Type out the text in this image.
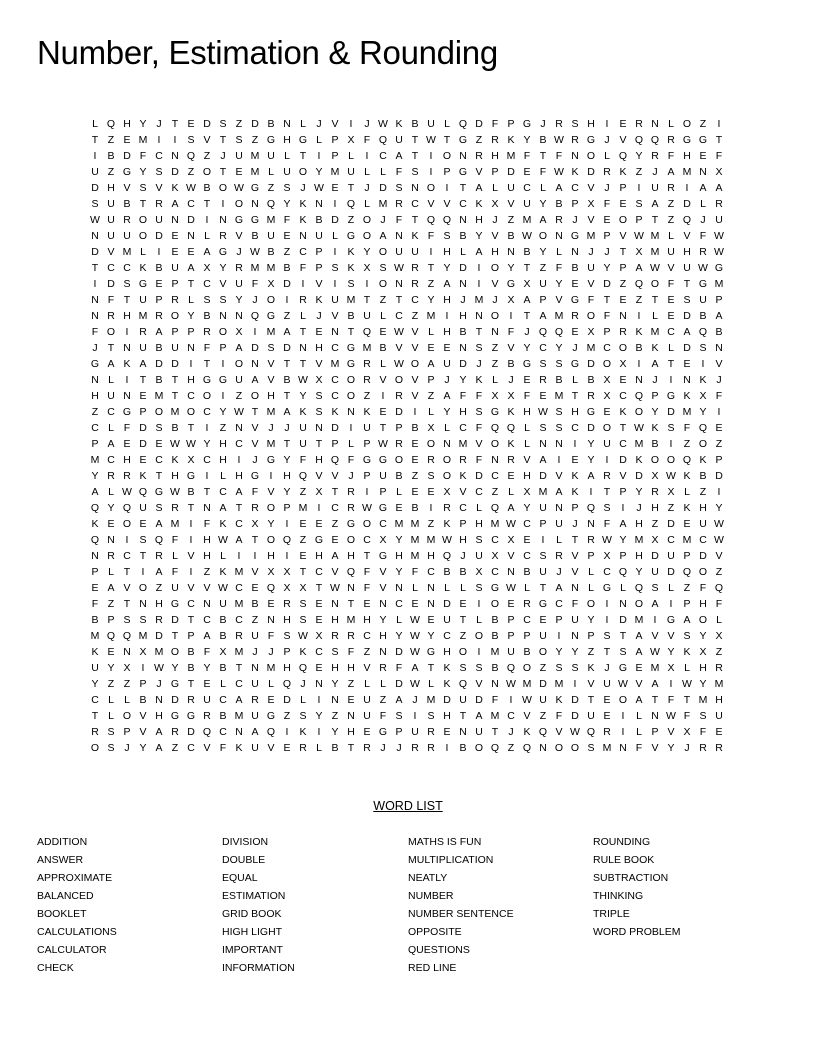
Number, Estimation & Rounding
L Q H Y J T E D S Z D B N L J V	I	J W K B U L Q D F P G J R S H	I	E R N L O Z	I
T Z E M I	I	S V T S Z G H G L P X F Q U T W T G Z R K Y B W R G J V Q Q R G G T
I	B D F C N Q Z J U M U L T	I	P L	I	C A T	I O N R H M F T F N O L Q Y R F H E F
U Z G Y S D Z O T E M L U O Y M U L L F S	I	P G V P D E F W K D R K Z J A M N X
D H V S V K W B O W G Z S J W E T J D S N O I	T A L U C L A C V J P	I	U R	I	A A
S U B T R A C T	I O N Q Y K N	I Q L M R C V V C K X V U Y B P X F E S A Z D L R
W U R O U N D	I	N G G M F K B D Z O J F T Q Q N H J Z M A R J V E O P T Z Q J U
N U U O D E N L R V B U E N U L G O A N K F S B Y V B W O N G M P V W M L V F W
D V M L	I	E E A G J W B Z C P	I	K Y O U U	I	H L A H N B Y L N J	J T X M U H R W
T C C K B U A X Y R M M B F P S K X S W R T Y D	I O Y T Z F B U Y P A W V U W G
I	D S G E P T C V U F X D	I	V	I	S	I O N R Z A N	I	V G X U Y E V D Z Q O F T G M
N F T U P R L S S Y J O I	R K U M T Z T C Y H J M J X A P V G F T E Z T E S U P
N R H M R O Y B N N Q G Z L J V B U L C Z M I	H N O I	T A M R O F N	I	L E D B A
F O I	R A P P R O X	I M A T E N T Q E W V L H B T N F J Q Q E X P R K M C A Q B
J T N U B U N F P A D S D N H C G M B V V E E N S Z V Y C Y J M C O B K L D S N
G A K A D D	I	T	I O N V T T V M G R L W O A U D J Z B G S S G D O X	I	A T E	I	V
N L	I	T B T H G G U A V B W X C O R V O V P J Y K L J E R B L B X E N J	I	N K J
H U N E M T C O I	Z O H T Y S C O Z	I	R V Z A F F X X F E M T R X C Q P G K X F
Z C G P O M O C Y W T M A K S K N K E D	I	L Y H S G K H W S H G E K O Y D M Y	I
C L F D S B T	I	Z N V J	J U N D	I	U T P B X L C F Q Q L S S C D O T W K S F Q E
P A E D E W W Y H C V M T U T P L P W R E O N M V O K L N N	I	Y U C M B	I	Z O Z
M C H E C K X C H	I	J G Y F H Q F G G O E R O R F N R V A	I	E Y	I	D K O O Q K P
Y R R K T H G I	L H G I	H Q V V J P U B Z S O K D C E H D V K A R V D X W K B D
A L W Q G W B T C A F V Y Z X T R	I	P L E E X V C Z L X M A K	I	T P Y R X L Z	I
Q Y Q U S R T N A T R O P M I	C R W G E B	I	R C L Q A Y U N P Q S	I	J H Z K H Y
K E O E A M I	F K C X Y	I	E E Z G O C M M Z K P H M W C P U J N F A H Z D E U W
Q N	I	S Q F	I	H W A T O Q Z G E O C X Y M M W H S C X E	I	L T R W Y M X C M C W
N R C T R L V H L	I	I	H	I	E H A H T G H M H Q J U X V C S R V P X P H D U P D V
P L T	I	A F	I	Z K M V X X T C V Q F V Y F C B B X C N B U J V L C Q Y U D Q O Z
E A V O Z U V V W C E Q X X T W N F V N L N L L S G W L T A N L G L Q S L Z F Q
F Z T N H G C N U M B E R S E N T E N C E N D E	I O E R G C F O I	N O A	I	P H F
B P S S R D T C B C Z N H S E H M H Y L W E U T L B P C E P U Y	I	D M I G A O L
M Q Q M D T P A B R U F S W X R R C H Y W Y C Z O B P P U	I	N P S T A V V S Y X
K E N X M O B F X M J	J P K C S F Z N D W G H O I M U B O Y Y Z T S A W Y K X Z
U Y X	I W Y B Y B T N M H Q E H H V R F A T K S S B Q O Z S S K J G E M X L H R
Y Z Z P J G T E L C U L Q J N Y Z L L D W L K Q V N W M D M I	V U W V A	I W Y M
C L L B N D R U C A R E D L	I	N E U Z A J M D U D F	I W U K D T E O A T F T M H
T L O V H G G R B M U G Z S Y Z N U F S	I	S H T A M C V Z F D U E	I	L N W F S U
R S P V A R D Q C N A Q I	K	I	Y H E G P U R E N U T J K Q V W Q R	I	L P V X F E
O S J Y A Z C V F K U V E R L B T R J	J R R	I	B O Q Z Q N O O S M N F V Y J R R
WORD LIST
ADDITION
ANSWER
APPROXIMATE
BALANCED
BOOKLET
CALCULATIONS
CALCULATOR
CHECK
DIVISION
DOUBLE
EQUAL
ESTIMATION
GRID BOOK
HIGH LIGHT
IMPORTANT
INFORMATION
MATHS IS FUN
MULTIPLICATION
NEATLY
NUMBER
NUMBER SENTENCE
OPPOSITE
QUESTIONS
RED LINE
ROUNDING
RULE BOOK
SUBTRACTION
THINKING
TRIPLE
WORD PROBLEM
